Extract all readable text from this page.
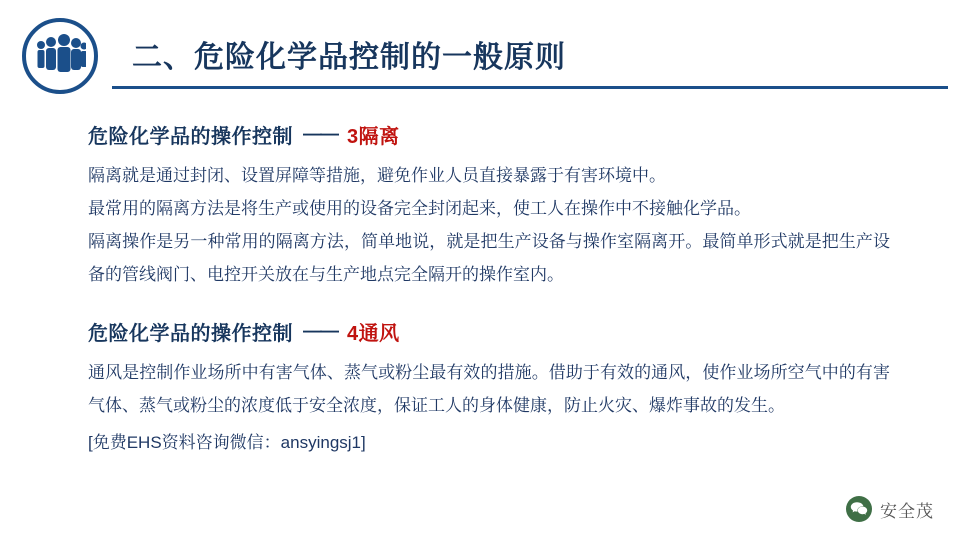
二、危险化学品控制的一般原则
危险化学品的操作控制 —— 3隔离
隔离就是通过封闭、设置屏障等措施，避免作业人员直接暴露于有害环境中。
最常用的隔离方法是将生产或使用的设备完全封闭起来，使工人在操作中不接触化学品。
隔离操作是另一种常用的隔离方法，简单地说，就是把生产设备与操作室隔离开。最简单形式就是把生产设备的管线阀门、电控开关放在与生产地点完全隔开的操作室内。
危险化学品的操作控制 —— 4通风
通风是控制作业场所中有害气体、蒸气或粉尘最有效的措施。借助于有效的通风，使作业场所空气中的有害气体、蒸气或粉尘的浓度低于安全浓度，保证工人的身体健康，防止火灾、爆炸事故的发生。
[免费EHS资料咨询微信：ansyingsj1]
安全茂
